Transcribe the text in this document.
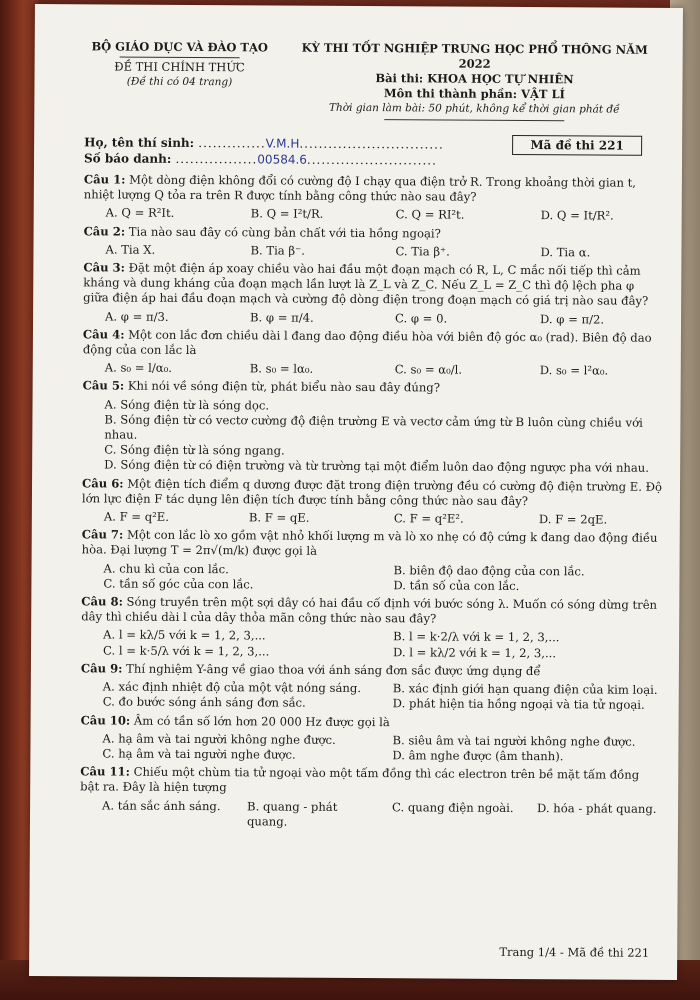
BỘ GIÁO DỤC VÀ ĐÀO TẠO
ĐỀ THI CHÍNH THỨC
(Đề thi có 04 trang)
KỲ THI TỐT NGHIỆP TRUNG HỌC PHỔ THÔNG NĂM 2022
Bài thi: KHOA HỌC TỰ NHIÊN
Môn thi thành phần: VẬT LÍ
Thời gian làm bài: 50 phút, không kể thời gian phát đề
Họ, tên thí sinh: ..............V.M.H..............................
Số báo danh: .................00584.6...........................
Mã đề thi 221
Câu 1: Một dòng điện không đổi có cường độ I chạy qua điện trở R. Trong khoảng thời gian t, nhiệt lượng Q tỏa ra trên R được tính bằng công thức nào sau đây?
A. Q = R²It.	B. Q = I²t/R.	C. Q = RI²t.	D. Q = It/R².
Câu 2: Tia nào sau đây có cùng bản chất với tia hồng ngoại?
A. Tia X.	B. Tia β⁻.	C. Tia β⁺.	D. Tia α.
Câu 3: Đặt một điện áp xoay chiều vào hai đầu một đoạn mạch có R, L, C mắc nối tiếp thì cảm kháng và dung kháng của đoạn mạch lần lượt là Z_L và Z_C. Nếu Z_L = Z_C thì độ lệch pha φ giữa điện áp hai đầu đoạn mạch và cường độ dòng điện trong đoạn mạch có giá trị nào sau đây?
A. φ = π/3.	B. φ = π/4.	C. φ = 0.	D. φ = π/2.
Câu 4: Một con lắc đơn chiều dài l đang dao động điều hòa với biên độ góc α₀ (rad). Biên độ dao động của con lắc là
A. s₀ = l/α₀.	B. s₀ = lα₀.	C. s₀ = α₀/l.	D. s₀ = l²α₀.
Câu 5: Khi nói về sóng điện từ, phát biểu nào sau đây đúng?
A. Sóng điện từ là sóng dọc.
B. Sóng điện từ có vectơ cường độ điện trường E và vectơ cảm ứng từ B luôn cùng chiều với nhau.
C. Sóng điện từ là sóng ngang.
D. Sóng điện từ có điện trường và từ trường tại một điểm luôn dao động ngược pha với nhau.
Câu 6: Một điện tích điểm q dương được đặt trong điện trường đều có cường độ điện trường E. Độ lớn lực điện F tác dụng lên điện tích được tính bằng công thức nào sau đây?
A. F = q²E.	B. F = qE.	C. F = q²E².	D. F = 2qE.
Câu 7: Một con lắc lò xo gồm vật nhỏ khối lượng m và lò xo nhẹ có độ cứng k đang dao động điều hòa. Đại lượng T = 2π√(m/k) được gọi là
A. chu kì của con lắc.	B. biên độ dao động của con lắc.
C. tần số góc của con lắc.	D. tần số của con lắc.
Câu 8: Sóng truyền trên một sợi dây có hai đầu cố định với bước sóng λ. Muốn có sóng dừng trên dây thì chiều dài l của dây thỏa mãn công thức nào sau đây?
A. l = kλ/5 với k = 1, 2, 3,...	B. l = k·2/λ với k = 1, 2, 3,...
C. l = k·5/λ với k = 1, 2, 3,...	D. l = kλ/2 với k = 1, 2, 3,...
Câu 9: Thí nghiệm Y-âng về giao thoa với ánh sáng đơn sắc được ứng dụng để
A. xác định nhiệt độ của một vật nóng sáng.	B. xác định giới hạn quang điện của kim loại.
C. đo bước sóng ánh sáng đơn sắc.	D. phát hiện tia hồng ngoại và tia tử ngoại.
Câu 10: Âm có tần số lớn hơn 20 000 Hz được gọi là
A. hạ âm và tai người không nghe được.	B. siêu âm và tai người không nghe được.
C. hạ âm và tai người nghe được.	D. âm nghe được (âm thanh).
Câu 11: Chiếu một chùm tia tử ngoại vào một tấm đồng thì các electron trên bề mặt tấm đồng bật ra. Đây là hiện tượng
A. tán sắc ánh sáng.	B. quang - phát quang.
C. quang điện ngoài.	D. hóa - phát quang.
Trang 1/4 - Mã đề thi 221
